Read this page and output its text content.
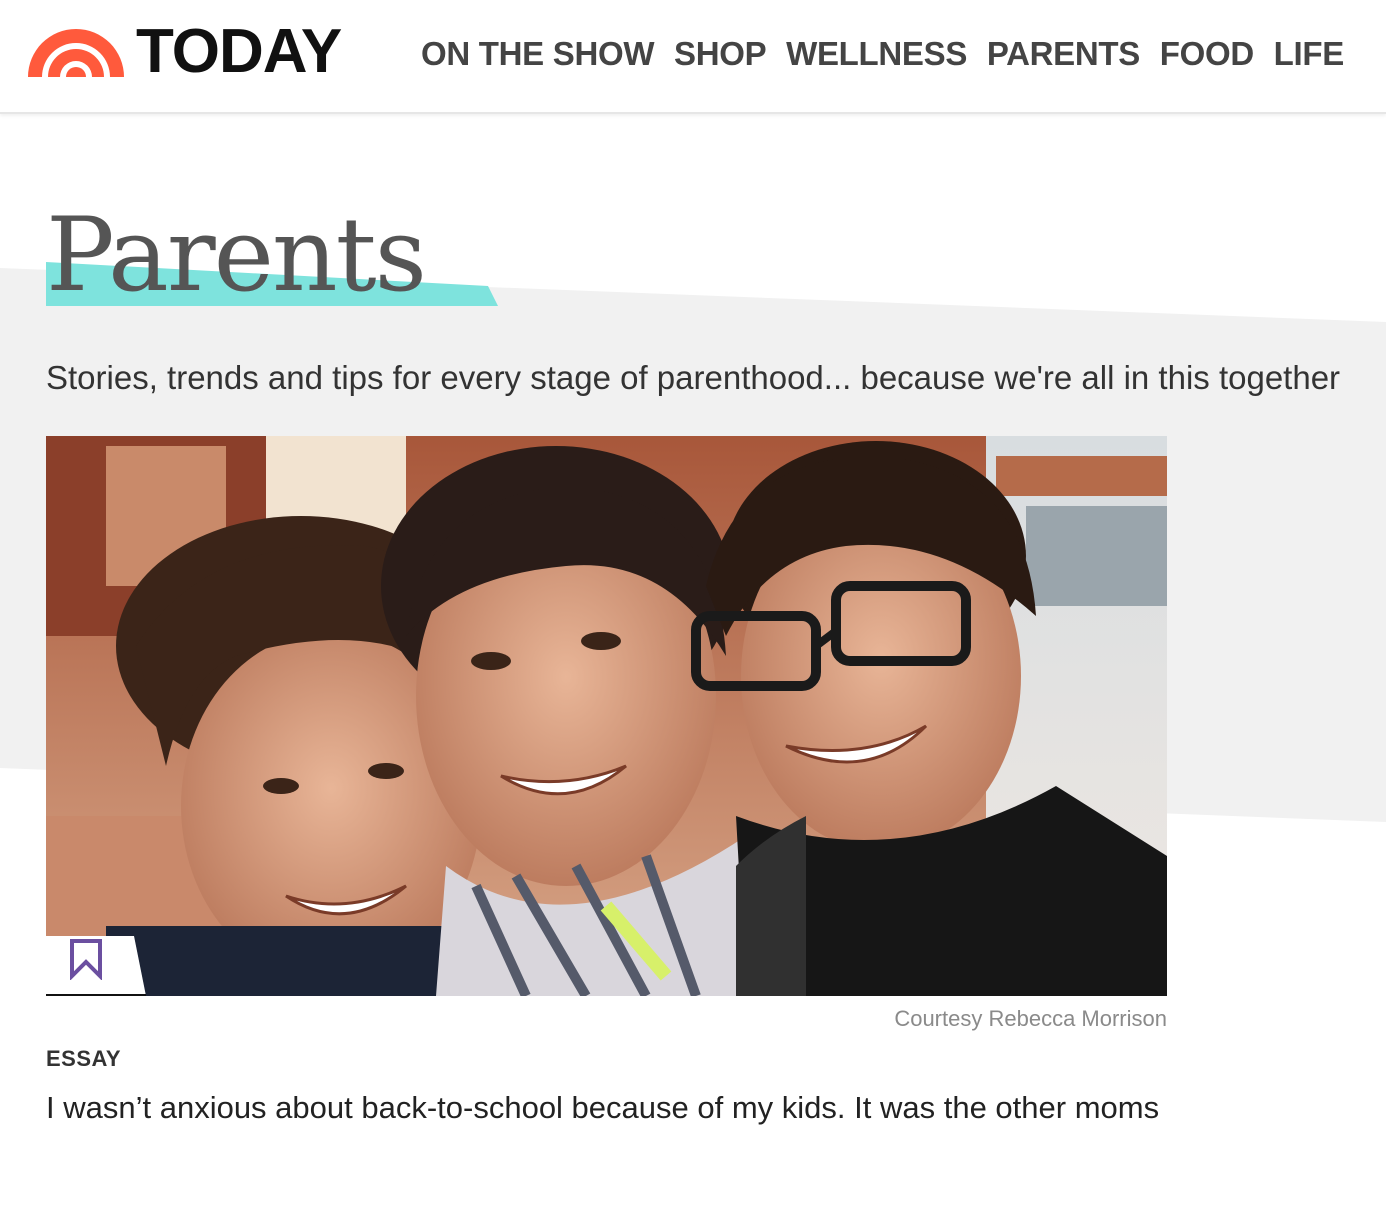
TODAY ON THE SHOW SHOP WELLNESS PARENTS FOOD LIFE
Parents

Stories, trends and tips for every stage of parenthood... because we're all in this together

Courtesy Rebecca Morrison
ESSAY
I wasn’t anxious about back-to-school because of my kids. It was the other moms
